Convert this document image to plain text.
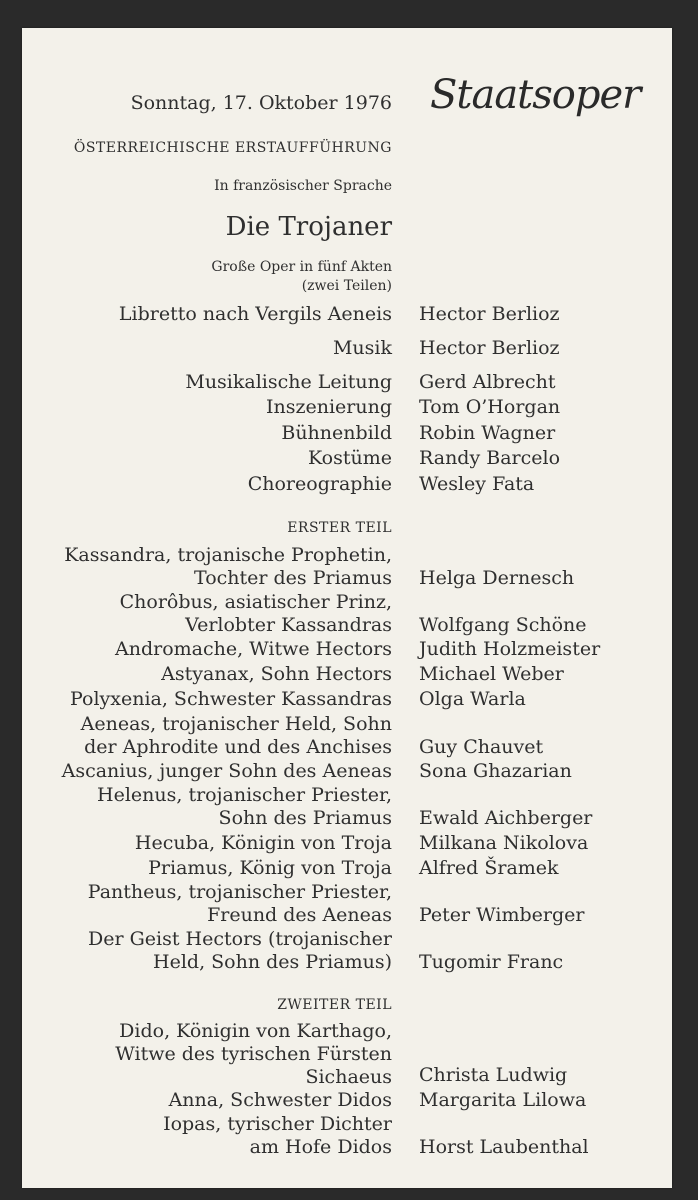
Sonntag, 17. Oktober 1976 Staatsoper
ÖSTERREICHISCHE ERSTAUFFÜHRUNG
In französischer Sprache
Die Trojaner
Große Oper in fünf Akten
(zwei Teilen)
Libretto nach Vergils Aeneis Hector Berlioz
Musik Hector Berlioz
Musikalische Leitung Gerd Albrecht
Inszenierung Tom O’Horgan
Bühnenbild Robin Wagner
Kostüme Randy Barcelo
Choreographie Wesley Fata
ERSTER TEIL
Kassandra, trojanische Prophetin,
Tochter des Priamus Helga Dernesch
Chorôbus, asiatischer Prinz,
Verlobter Kassandras Wolfgang Schöne
Andromache, Witwe Hectors Judith Holzmeister
Astyanax, Sohn Hectors Michael Weber
Polyxenia, Schwester Kassandras Olga Warla
Aeneas, trojanischer Held, Sohn
der Aphrodite und des Anchises Guy Chauvet
Ascanius, junger Sohn des Aeneas Sona Ghazarian
Helenus, trojanischer Priester,
Sohn des Priamus Ewald Aichberger
Hecuba, Königin von Troja Milkana Nikolova
Priamus, König von Troja Alfred Šramek
Pantheus, trojanischer Priester,
Freund des Aeneas Peter Wimberger
Der Geist Hectors (trojanischer
Held, Sohn des Priamus) Tugomir Franc
ZWEITER TEIL
Dido, Königin von Karthago,
Witwe des tyrischen Fürsten
Sichaeus Christa Ludwig
Anna, Schwester Didos Margarita Lilowa
Iopas, tyrischer Dichter
am Hofe Didos Horst Laubenthal
